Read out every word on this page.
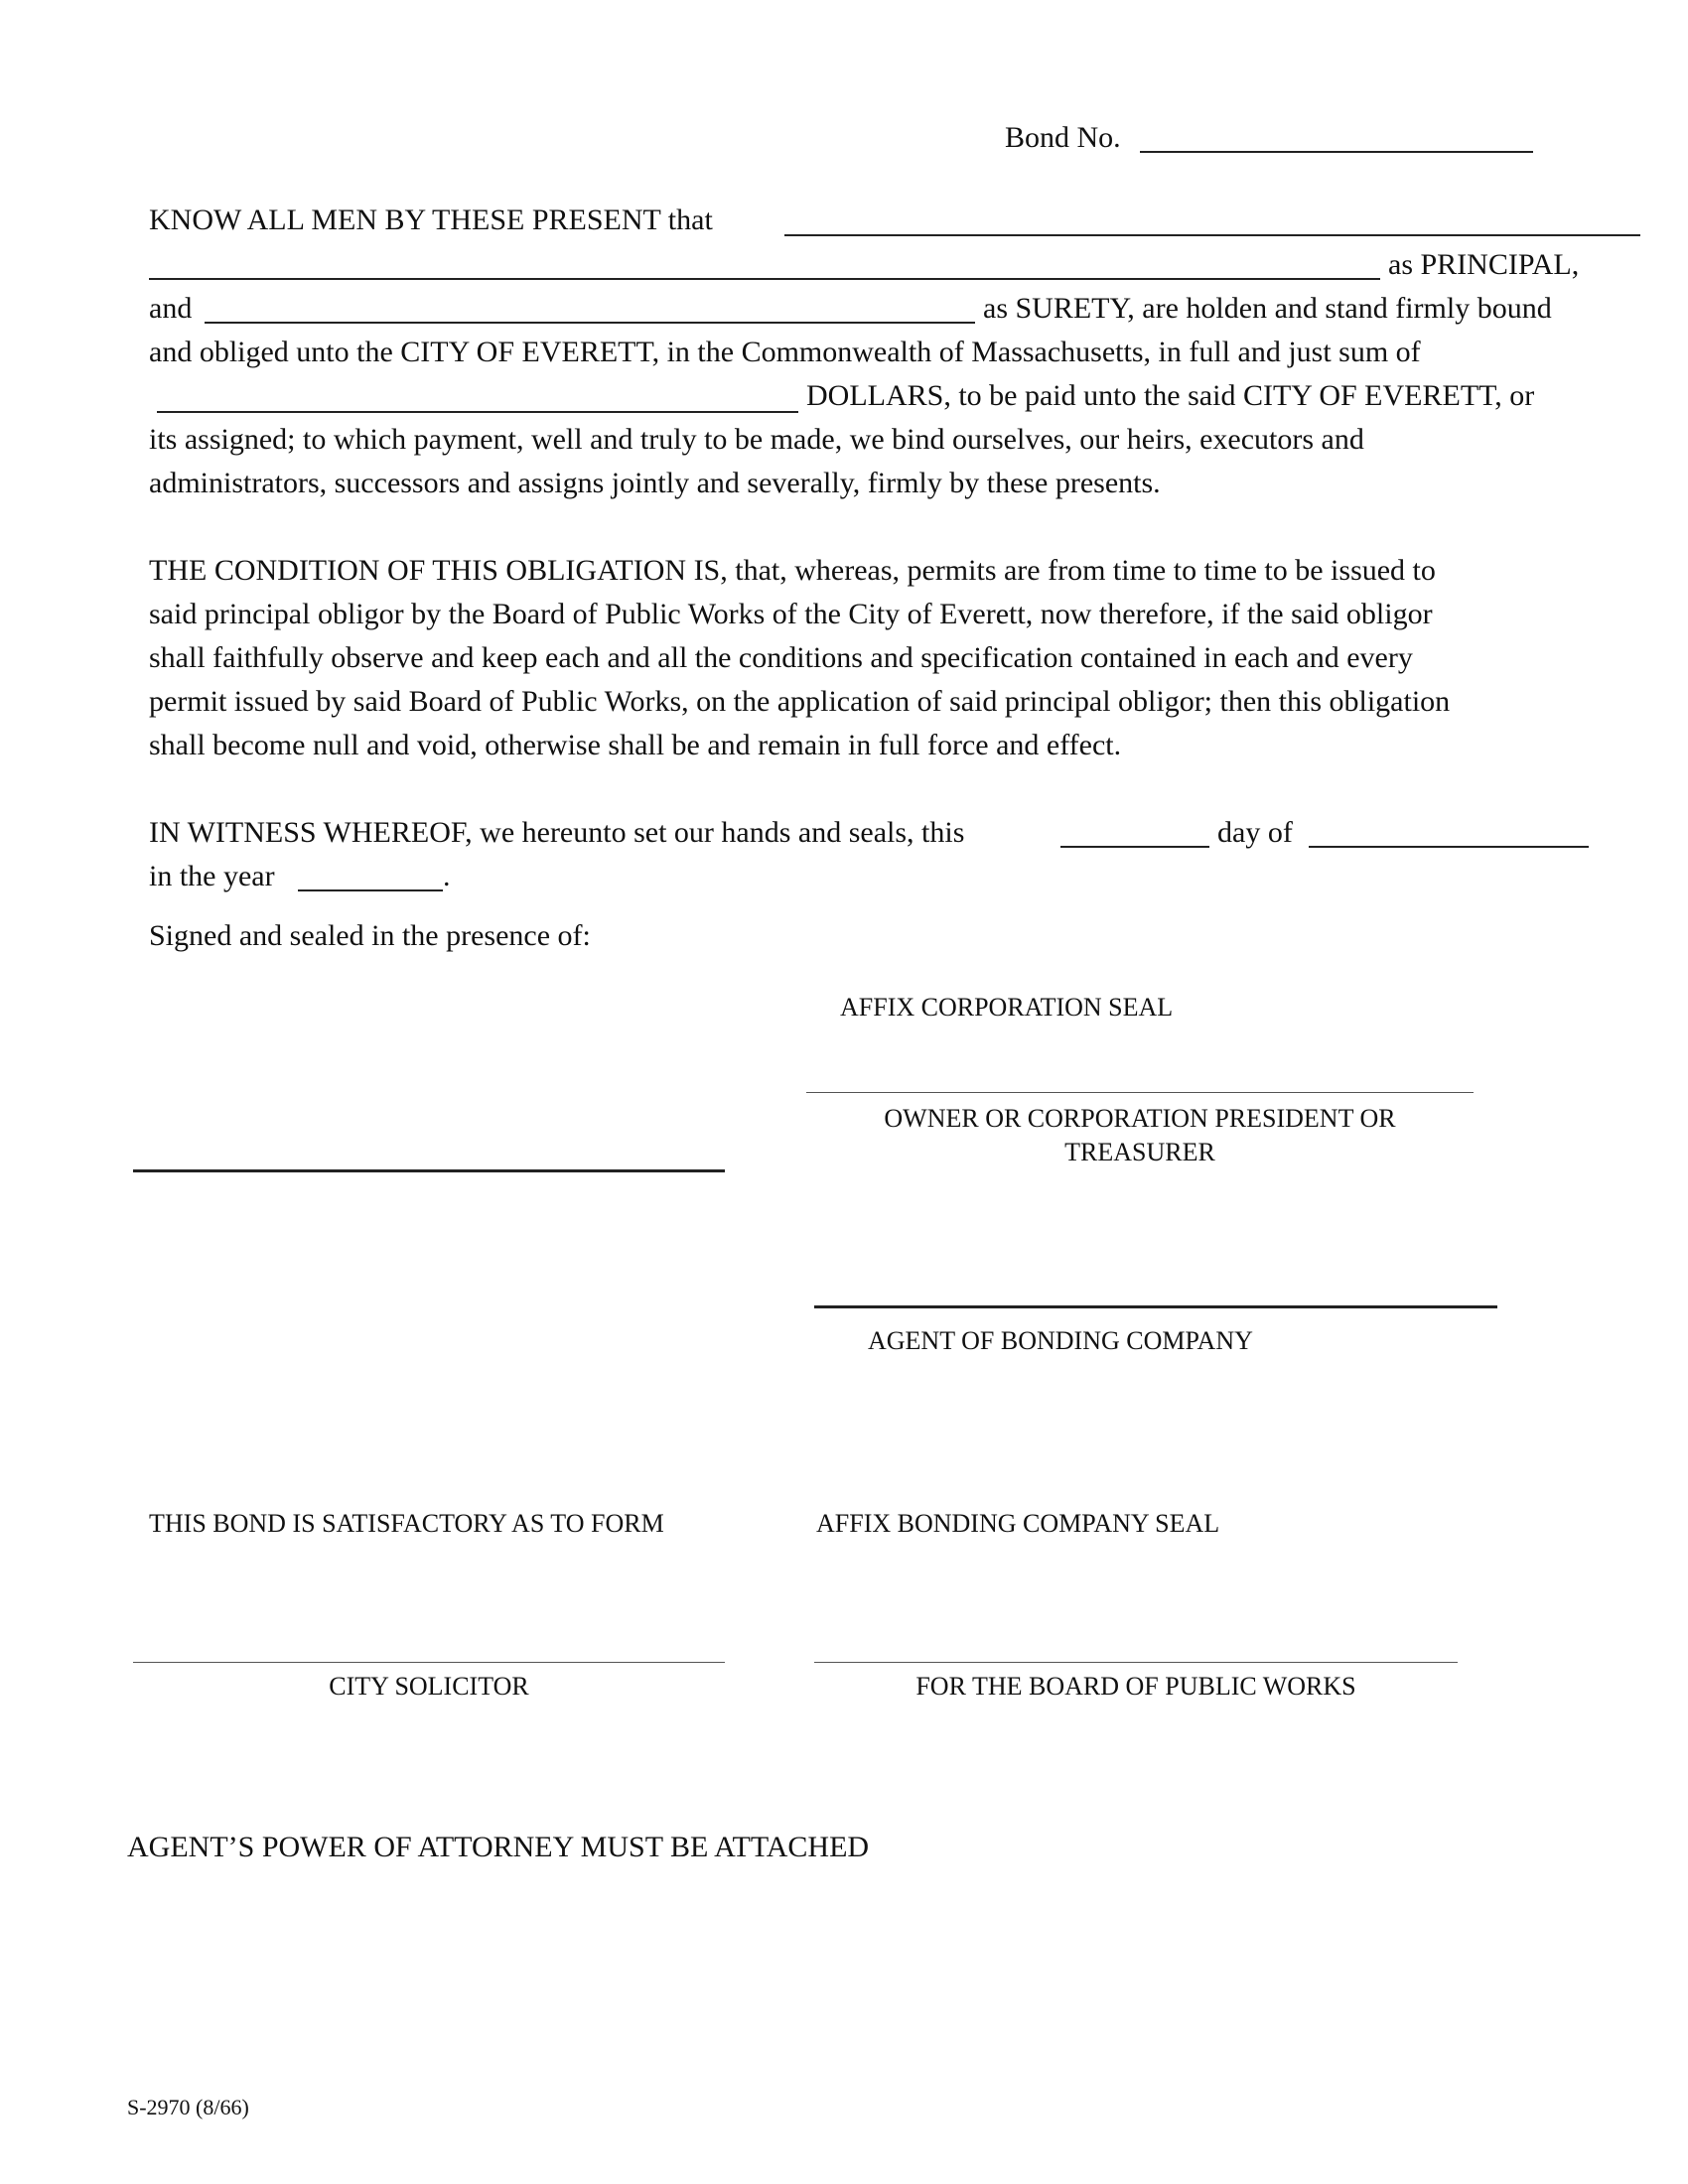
Bond No.
KNOW ALL MEN BY THESE PRESENT that
as PRINCIPAL,
and	as SURETY, are holden and stand firmly bound
and obliged unto the CITY OF EVERETT, in the Commonwealth of Massachusetts, in full and just sum of
DOLLARS, to be paid unto the said CITY OF EVERETT, or
its assigned; to which payment, well and truly to be made, we bind ourselves, our heirs, executors and
administrators, successors and assigns jointly and severally, firmly by these presents.
THE CONDITION OF THIS OBLIGATION IS, that, whereas, permits are from time to time to be issued to
said principal obligor by the Board of Public Works of the City of Everett, now therefore, if the said obligor
shall faithfully observe and keep each and all the conditions and specification contained in each and every
permit issued by said Board of Public Works, on the application of said principal obligor; then this obligation
shall become null and void, otherwise shall be and remain in full force and effect.
IN WITNESS WHEREOF, we hereunto set our hands and seals, this	day of
in the year	.
Signed and sealed in the presence of:
AFFIX CORPORATION SEAL
OWNER OR CORPORATION PRESIDENT OR
TREASURER
AGENT OF BONDING COMPANY
THIS BOND IS SATISFACTORY AS TO FORM	AFFIX BONDING COMPANY SEAL
CITY SOLICITOR	FOR THE BOARD OF PUBLIC WORKS
AGENT’S POWER OF ATTORNEY MUST BE ATTACHED
S-2970 (8/66)
